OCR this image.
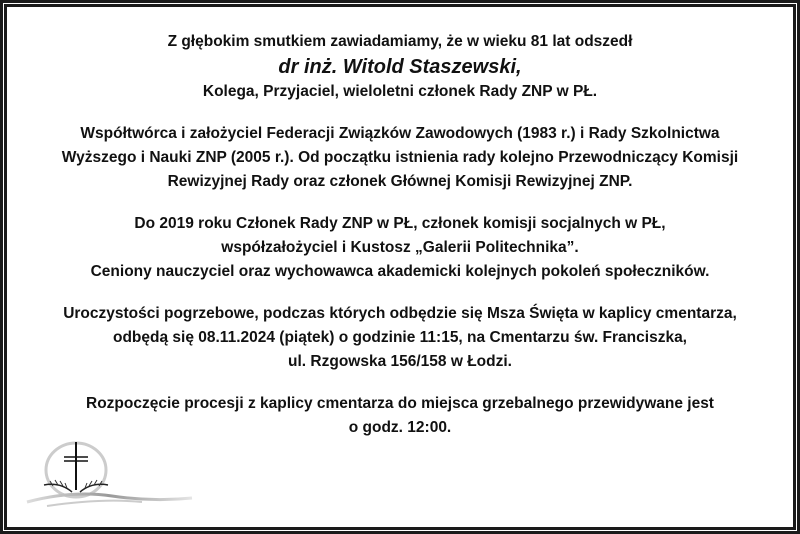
Z głębokim smutkiem zawiadamiamy, że w wieku 81 lat odszedł
dr inż. Witold Staszewski,
Kolega, Przyjaciel, wieloletni członek Rady ZNP w PŁ.
Współtwórca i założyciel Federacji Związków Zawodowych (1983 r.) i Rady Szkolnictwa
Wyższego i Nauki ZNP (2005 r.). Od początku istnienia rady kolejno Przewodniczący Komisji
Rewizyjnej Rady oraz członek Głównej Komisji Rewizyjnej ZNP.
Do 2019 roku Członek Rady ZNP w PŁ, członek komisji socjalnych w PŁ,
współzałożyciel i Kustosz „Galerii Politechnika”.
Ceniony nauczyciel oraz wychowawca akademicki kolejnych pokoleń społeczników.
Uroczystości pogrzebowe, podczas których odbędzie się Msza Święta w kaplicy cmentarza,
odbędą się 08.11.2024 (piątek) o godzinie 11:15, na Cmentarzu św. Franciszka,
ul. Rzgowska 156/158 w Łodzi.
Rozpoczęcie procesji z kaplicy cmentarza do miejsca grzebalnego przewidywane jest
o godz. 12:00.
